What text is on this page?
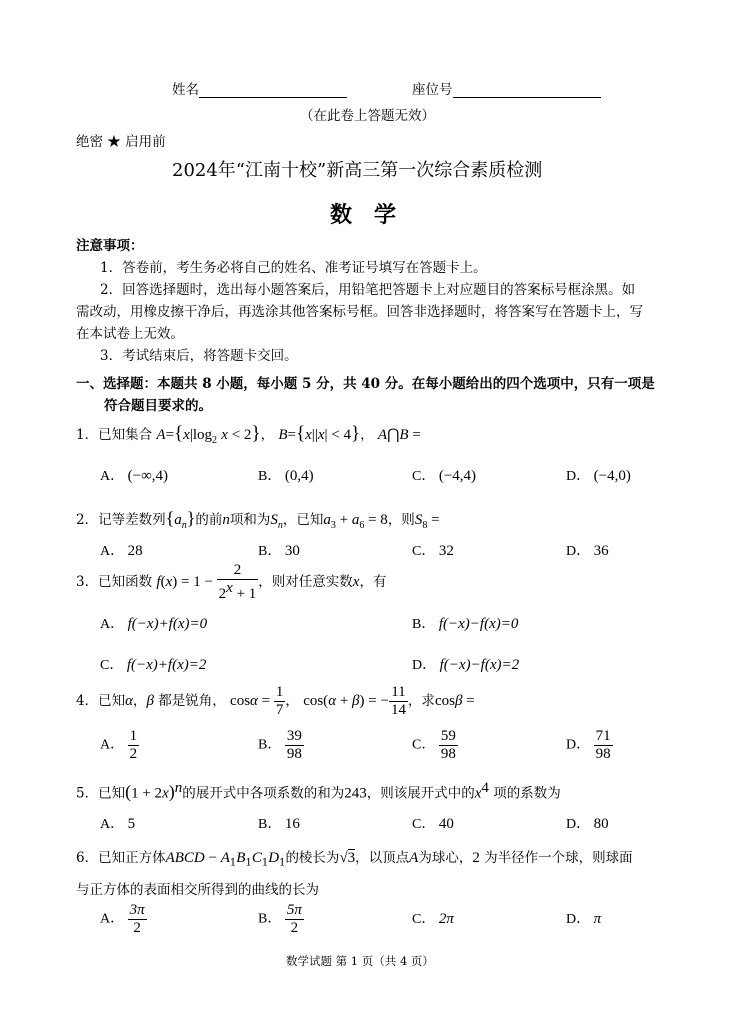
姓名	座位号
（在此卷上答题无效）
绝密 ★ 启用前
2024年“江南十校”新高三第一次综合素质检测
数　学
注意事项：
1．答卷前，考生务必将自己的姓名、准考证号填写在答题卡上。
2．回答选择题时，选出每小题答案后，用铅笔把答题卡上对应题目的答案标号框涂黑。如
需改动，用橡皮擦干净后，再选涂其他答案标号框。回答非选择题时，将答案写在答题卡上，写
在本试卷上无效。
3．考试结束后，将答题卡交回。
一、选择题：本题共 8 小题，每小题 5 分，共 40 分。在每小题给出的四个选项中，只有一项是
符合题目要求的。
1．已知集合 $A=\{x|\log_2$ x < 2}， B={x||x| < 4}， A⋂B =
A． (−∞,4)	B． (0,4)	C． (−4,4)	D． (−4,0)
2．记等差数列$\{a_n\}$的前n项和为$S_n$，已知$a_3 + a_6 = 8$，则$S_8$ =
A． 28	B． 30	C． 32	D． 36
3．已知函数 $f(x) = 1 - \frac{2}{2^x + 1}$ ，则对任意实数x，有
A． f(−x)+f(x)=0	B． f(−x)−f(x)=0
C． f(−x)+f(x)=2	D． f(−x)−f(x)=2
4．已知α，β 都是锐角， $\cos\alpha = \frac{1}{7}$ ， cos(α + β) = − $\frac{11}{14}$ ，求cosβ =
A． $\frac{1}{2}$	B． $\frac{39}{98}$	C． $\frac{59}{98}$	D． $\frac{71}{98}$
5．已知$(1 + 2x)^n$的展开式中各项系数的和为243，则该展开式中的$x^4$ 项的系数为
A． 5	B． 16	C． 40	D． 80
6．已知正方体ABCD − $A_1B_1C_1D_1$的棱长为√3，以顶点A为球心，2 为半径作一个球，则球面
与正方体的表面相交所得到的曲线的长为
A． $\frac{3\pi}{2}$	B． $\frac{5\pi}{2}$	C． 2π	D． π
数学试题 第 1 页（共 4 页）
